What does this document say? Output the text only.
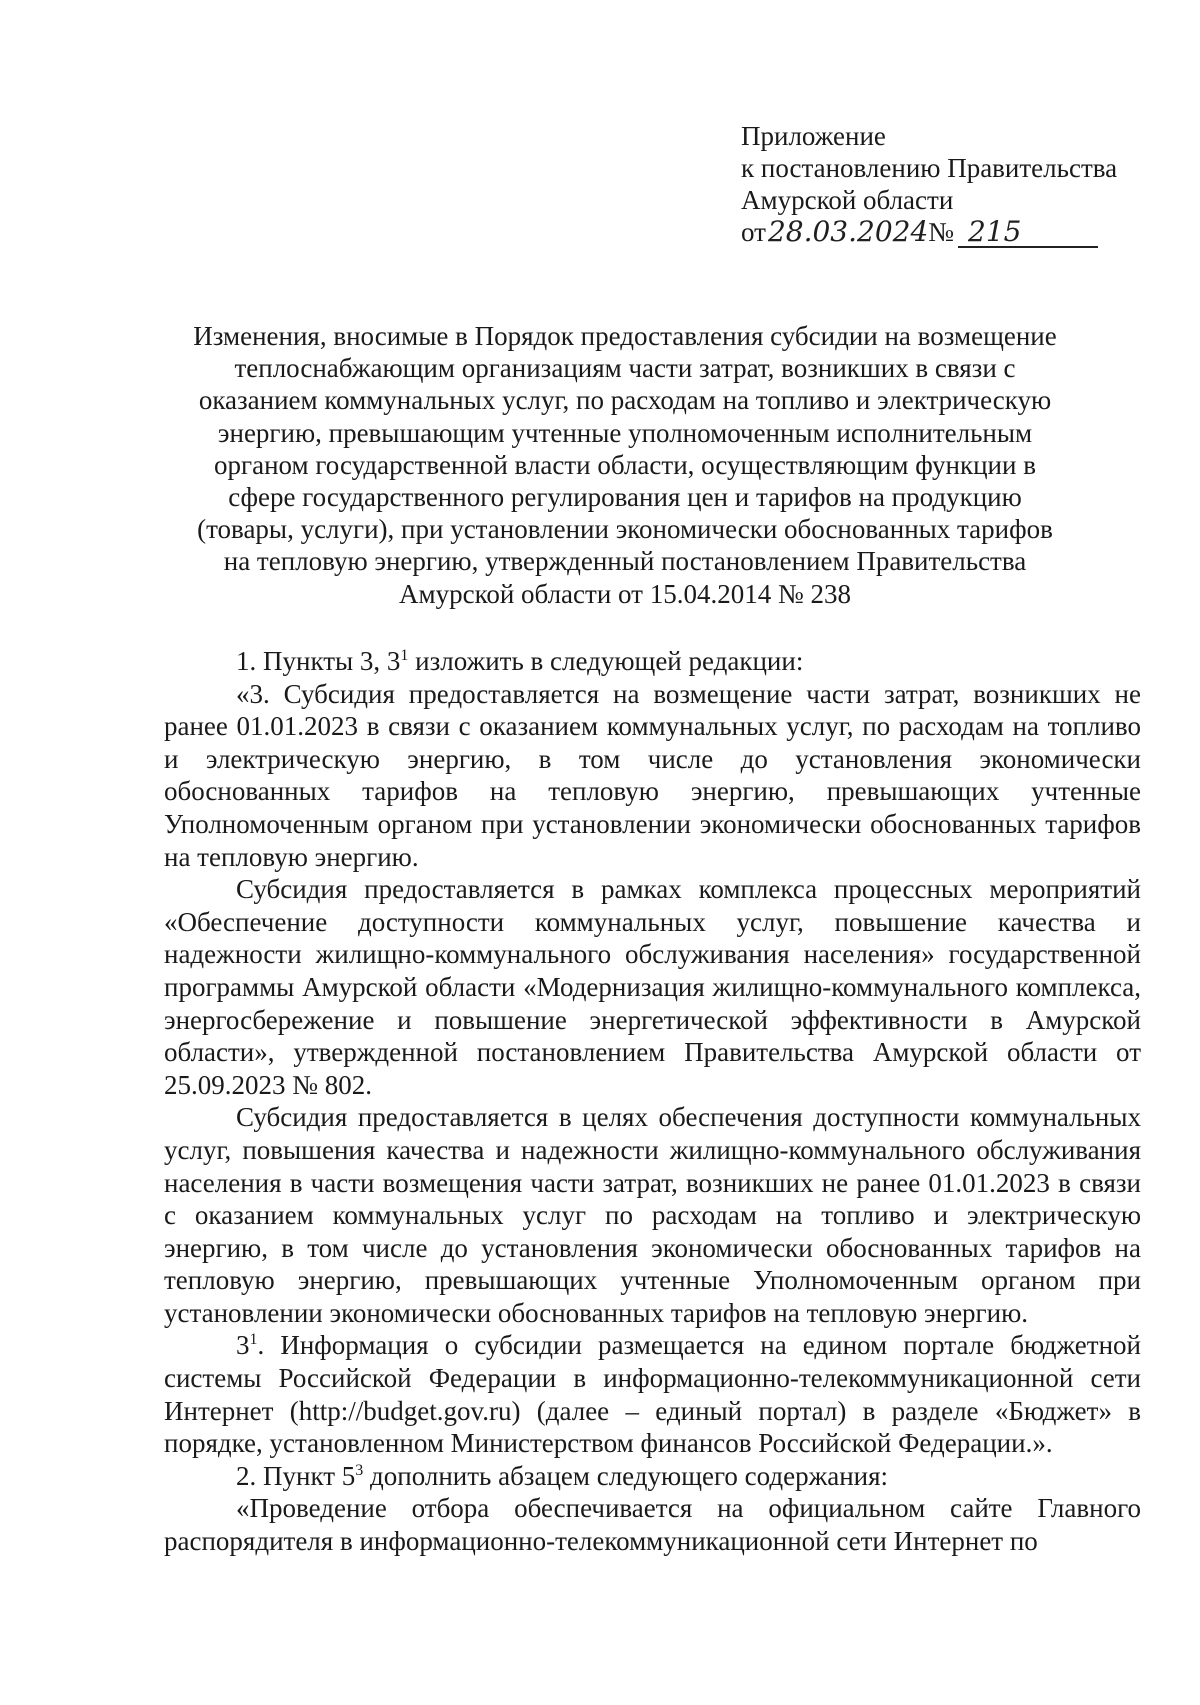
Приложение
к постановлению Правительства
Амурской области
от 28.03.2024 № 215
Изменения, вносимые в Порядок предоставления субсидии на возмещение
теплоснабжающим организациям части затрат, возникших в связи с
оказанием коммунальных услуг, по расходам на топливо и электрическую
энергию, превышающим учтенные уполномоченным исполнительным
органом государственной власти области, осуществляющим функции в
сфере государственного регулирования цен и тарифов на продукцию
(товары, услуги), при установлении экономически обоснованных тарифов
на тепловую энергию, утвержденный постановлением Правительства
Амурской области от 15.04.2014 № 238

1. Пункты 3, $3^1$ изложить в следующей редакции:

«3. Субсидия предоставляется на возмещение части затрат, возникших не ранее 01.01.2023 в связи с оказанием коммунальных услуг, по расходам на топливо и электрическую энергию, в том числе до установления экономически обоснованных тарифов на тепловую энергию, превышающих учтенные Уполномоченным органом при установлении экономически обоснованных тарифов на тепловую энергию.

Субсидия предоставляется в рамках комплекса процессных мероприятий «Обеспечение доступности коммунальных услуг, повышение качества и надежности жилищно-коммунального обслуживания населения» государственной программы Амурской области «Модернизация жилищно-коммунального комплекса, энергосбережение и повышение энергетической эффективности в Амурской области», утвержденной постановлением Правительства Амурской области от 25.09.2023 № 802.

Субсидия предоставляется в целях обеспечения доступности коммунальных услуг, повышения качества и надежности жилищно-коммунального обслуживания населения в части возмещения части затрат, возникших не ранее 01.01.2023 в связи с оказанием коммунальных услуг по расходам на топливо и электрическую энергию, в том числе до установления экономически обоснованных тарифов на тепловую энергию, превышающих учтенные Уполномоченным органом при установлении экономически обоснованных тарифов на тепловую энергию.

$3^1$. Информация о субсидии размещается на едином портале бюджетной системы Российской Федерации в информационно-телекоммуникационной сети Интернет (http://budget.gov.ru) (далее – единый портал) в разделе «Бюджет» в порядке, установленном Министерством финансов Российской Федерации.».

2. Пункт $5^3$ дополнить абзацем следующего содержания:

«Проведение отбора обеспечивается на официальном сайте Главного распорядителя в информационно-телекоммуникационной сети Интернет по
